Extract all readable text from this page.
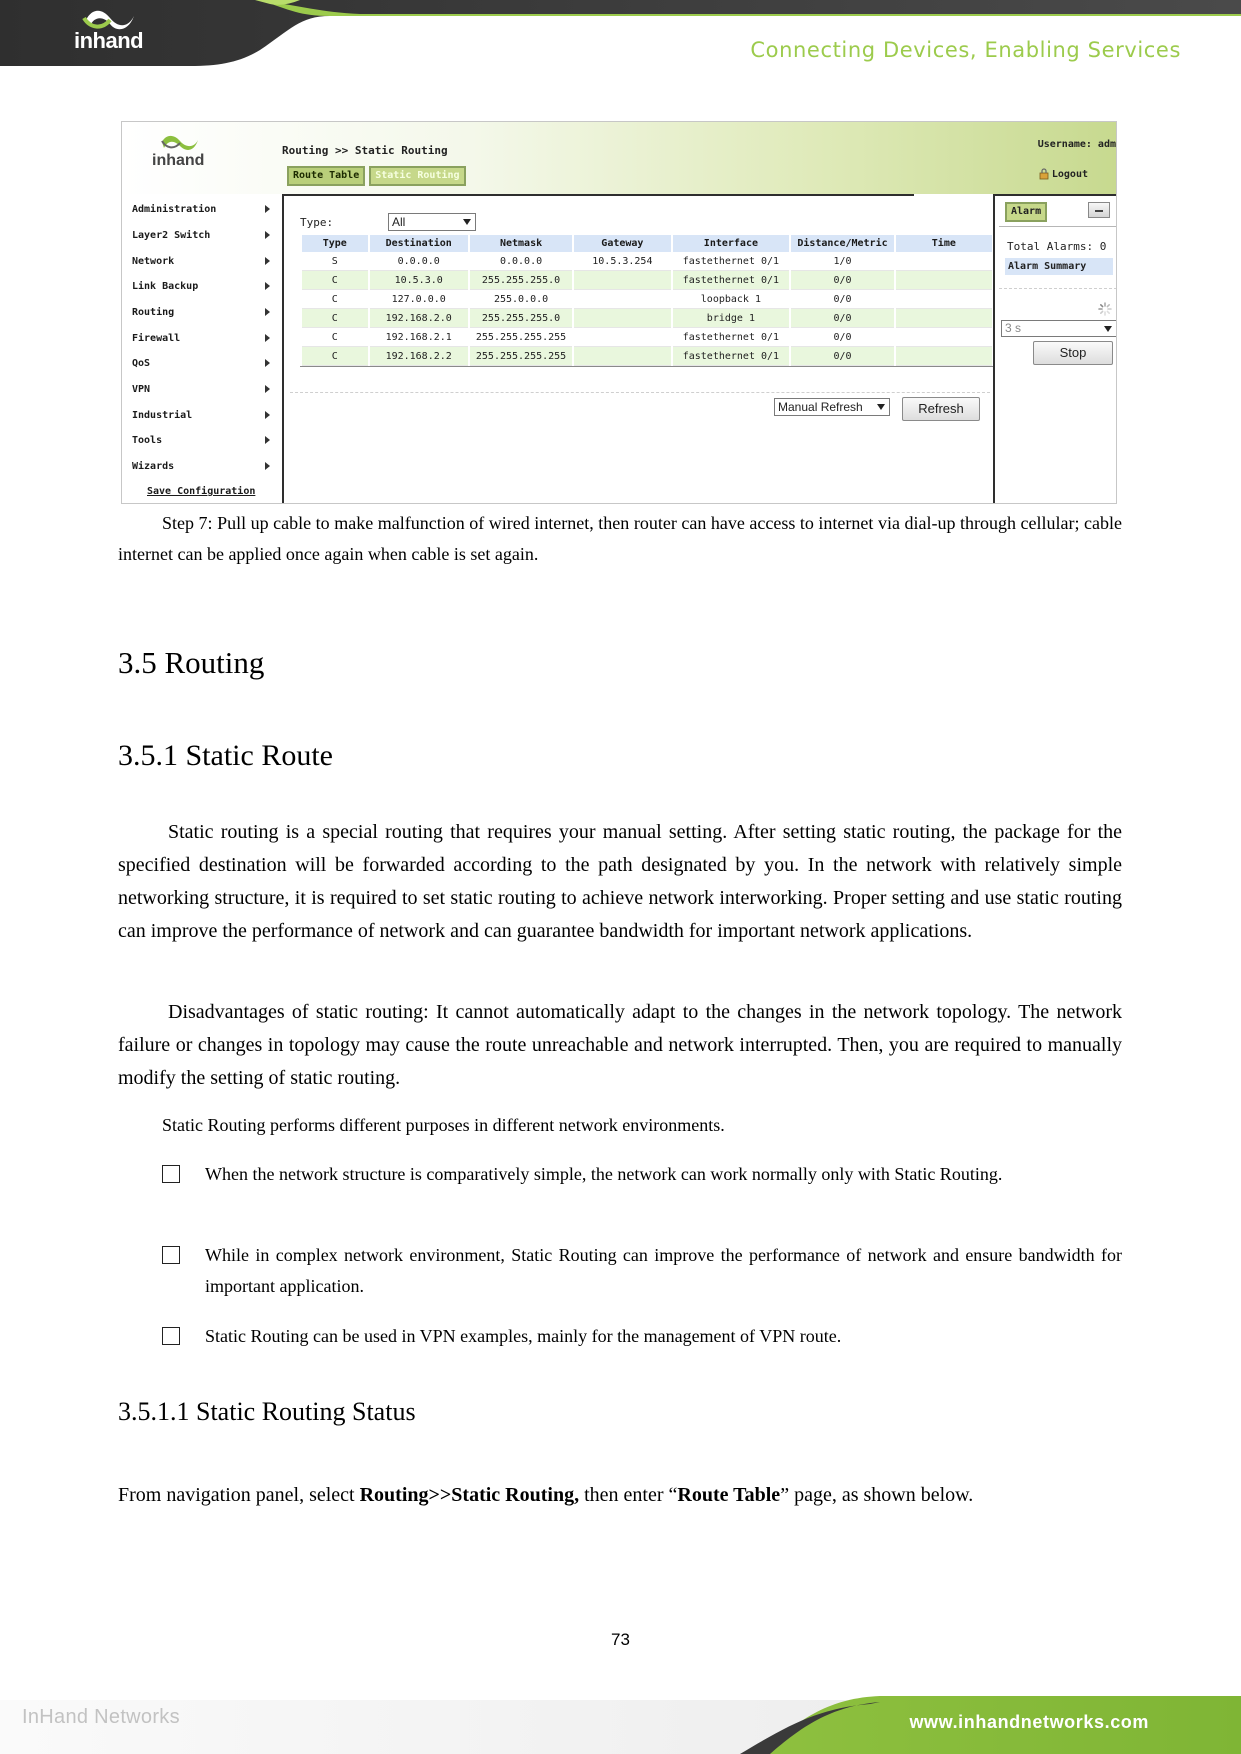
inhand	Connecting Devices, Enabling Services
inhand
Routing >> Static Routing
Route Table	Static Routing
Username: adm
Logout
Administration
Layer2 Switch
Network
Link Backup
Routing
Firewall
QoS
VPN
Industrial
Tools
Wizards
Save Configuration
Type:	All
Type	Destination	Netmask	Gateway	Interface	Distance/Metric	Time
S	0.0.0.0	0.0.0.0	10.5.3.254	fastethernet 0/1	1/0	
C	10.5.3.0	255.255.255.0		fastethernet 0/1	0/0	
C	127.0.0.0	255.0.0.0		loopback 1	0/0	
C	192.168.2.0	255.255.255.0		bridge 1	0/0	
C	192.168.2.1	255.255.255.255		fastethernet 0/1	0/0	
C	192.168.2.2	255.255.255.255		fastethernet 0/1	0/0	
Manual Refresh	Refresh
Alarm
Total Alarms: 0
Alarm Summary
3 s
Stop
Step 7: Pull up cable to make malfunction of wired internet, then router can have access to internet via dial-up through cellular; cable internet can be applied once again when cable is set again.
3.5 Routing
3.5.1 Static Route
Static routing is a special routing that requires your manual setting. After setting static routing, the package for the specified destination will be forwarded according to the path designated by you. In the network with relatively simple networking structure, it is required to set static routing to achieve network interworking. Proper setting and use static routing can improve the performance of network and can guarantee bandwidth for important network applications.
Disadvantages of static routing: It cannot automatically adapt to the changes in the network topology. The network failure or changes in topology may cause the route unreachable and network interrupted. Then, you are required to manually modify the setting of static routing.
Static Routing performs different purposes in different network environments.
When the network structure is comparatively simple, the network can work normally only with Static Routing.
While in complex network environment, Static Routing can improve the performance of network and ensure bandwidth for important application.
Static Routing can be used in VPN examples, mainly for the management of VPN route.
3.5.1.1 Static Routing Status
From navigation panel, select Routing>>Static Routing, then enter “Route Table” page, as shown below.
73
InHand Networks	www.inhandnetworks.com
